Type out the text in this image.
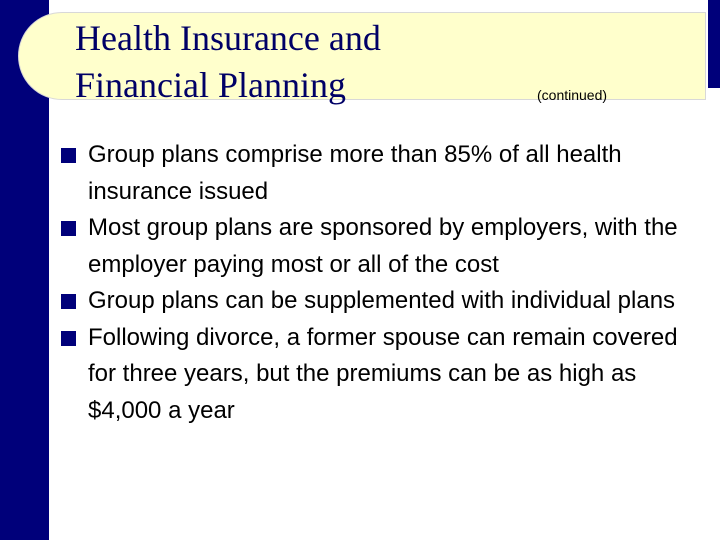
Health Insurance and
Financial Planning	(continued)
Group plans comprise more than 85% of all health insurance issued
Most group plans are sponsored by employers, with the employer paying most or all of the cost
Group plans can be supplemented with individual plans
Following divorce, a former spouse can remain covered for three years, but the premiums can be as high as $4,000 a year
